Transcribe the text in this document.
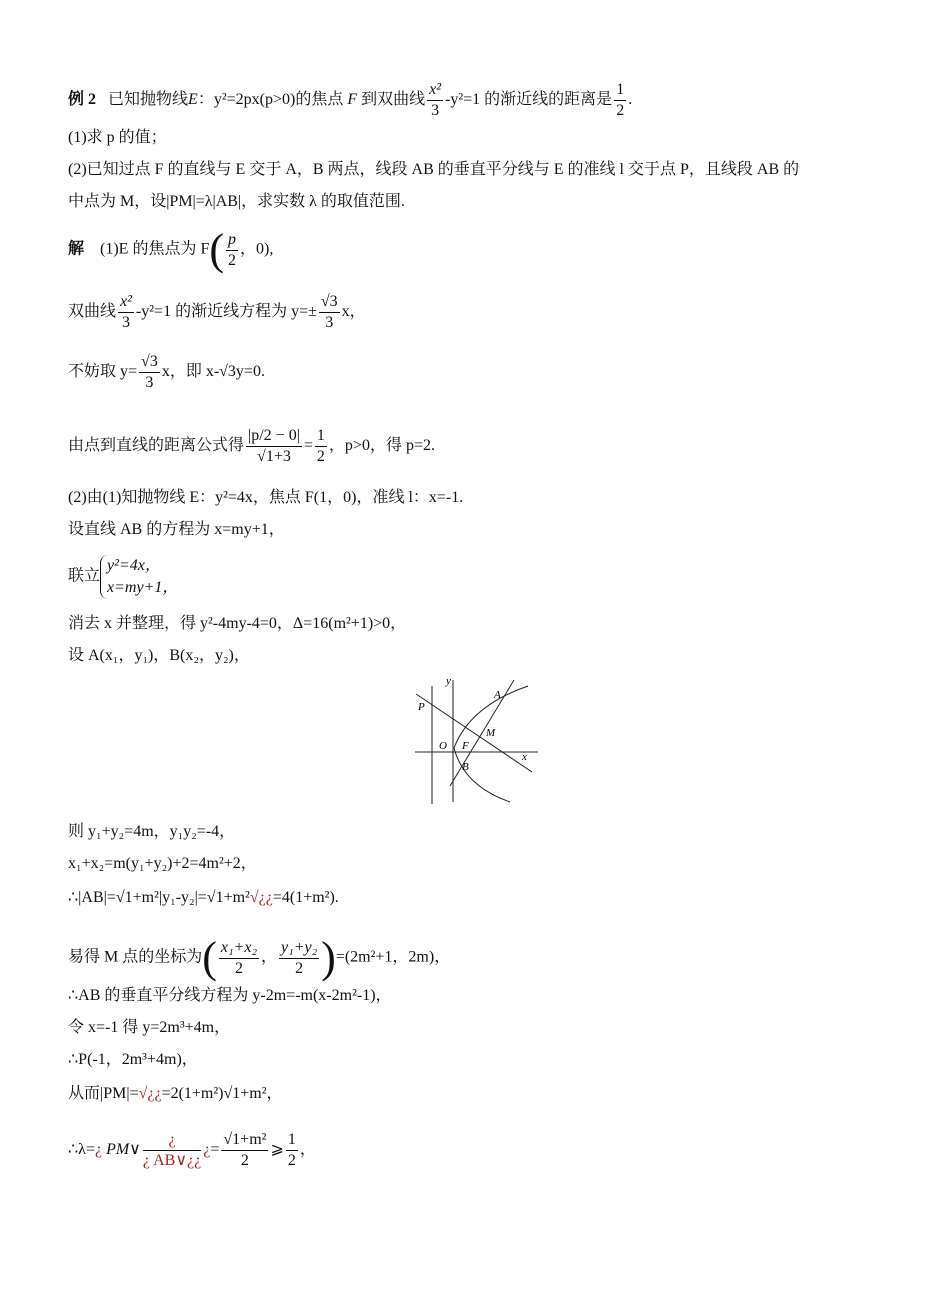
例 2 已知抛物线E：y²=2px(p>0)的焦点 F 到双曲线 $\frac{\text{x²}}{3} -y^2=1$ 的渐近线的距离是 $\frac{1}{2}$ .
(1)求 p 的值；
(2)已知过点 F 的直线与 E 交于 A，B 两点，线段 AB 的垂直平分线与 E 的准线 l 交于点 P，且线段 AB 的
中点为 M，设|PM|=λ|AB|，求实数 λ 的取值范围.
解 (1)E 的焦点为 $F( \frac{p}{2}$ ，0),
双曲线 $\frac{\text{x²}}{3} -y^2=1$ 的渐近线方程为 $y=\pm \frac{√3}{3}$ x，
不妨取 $y= \frac{√3}{3}$ x，即 x-√3y=0.
由点到直线的距离公式得 $\frac{|p/2 - 0|}{√1+3} = \frac{1}{2}$ ，p>0，得 p=2.
(2)由(1)知抛物线 E：y²=4x，焦点 F(1，0)，准线 l：x=-1.
设直线 AB 的方程为 x=my+1，
联立
y²=4x，
x=my+1，
消去 x 并整理，得 y²-4my-4=0，Δ=16(m²+1)>0，
设 A(x₁，y₁)，B(x₂，y₂)，
y
x
O F
P
A
M
B
则 y₁+y₂=4m，y₁y₂=-4，
x₁+x₂=m(y₁+y₂)+2=4m²+2，
∴|AB|=√1+m²|y₁-y₂|=√1+m²√¿¿=4(1+m²).
易得 M 点的坐标为( $\frac{\text{x₁+x₂}}{2}$ ， $\frac{\text{y₁+y₂}}{2} )=(2m^2+1$，2m)，
∴AB 的垂直平分线方程为 y-2m=-m(x-2m²-1)，
令 x=-1 得 y=2m³+4m，
∴P(-1，2m³+4m)，
从而|PM|=√¿¿=2(1+m²)√1+m²，
∴λ=¿ PM∨ $\frac{¿}{¿ AB\vee¿¿}$ ¿= $\frac{\text{√1+m²}}{2}$ ⩾ $\frac{1}{2}$ ，
